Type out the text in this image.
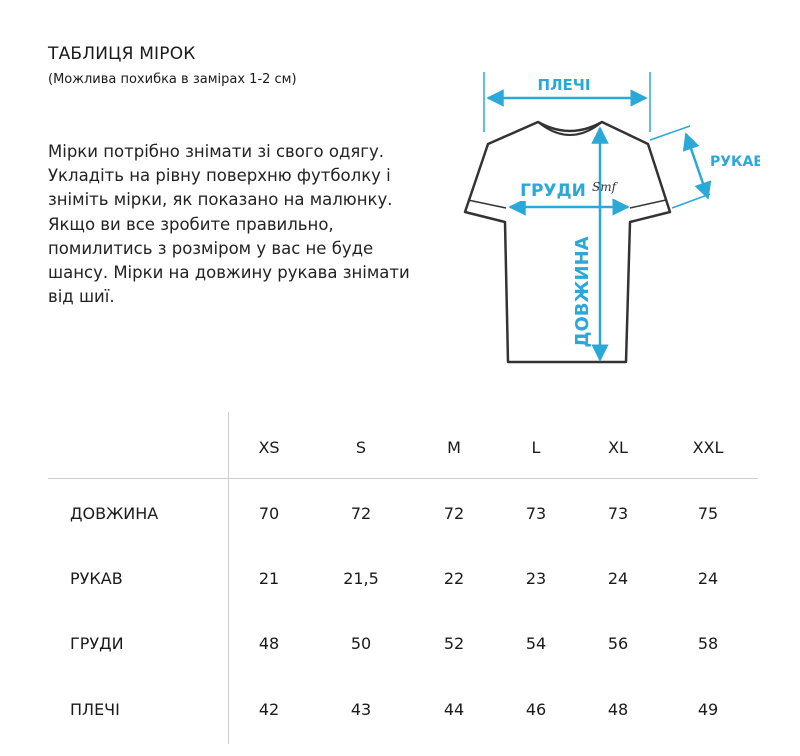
ТАБЛИЦЯ МІРОК
(Можлива похибка в замірах 1-2 см)
Мірки потрібно знімати зі свого одягу. Укладіть на рівну поверхню футболку і зніміть мірки, як показано на малюнку. Якщо ви все зробите правильно, помилитись з розміром у вас не буде шансу. Мірки на довжину рукава знімати від шиї.
ПЛЕЧІ
РУКАВ
ГРУДИ Smf
ДОВЖИНА
XS	S	M	L	XL	XXL
ДОВЖИНА	70	72	72	73	73	75
РУКАВ	21	21,5	22	23	24	24
ГРУДИ	48	50	52	54	56	58
ПЛЕЧІ	42	43	44	46	48	49
